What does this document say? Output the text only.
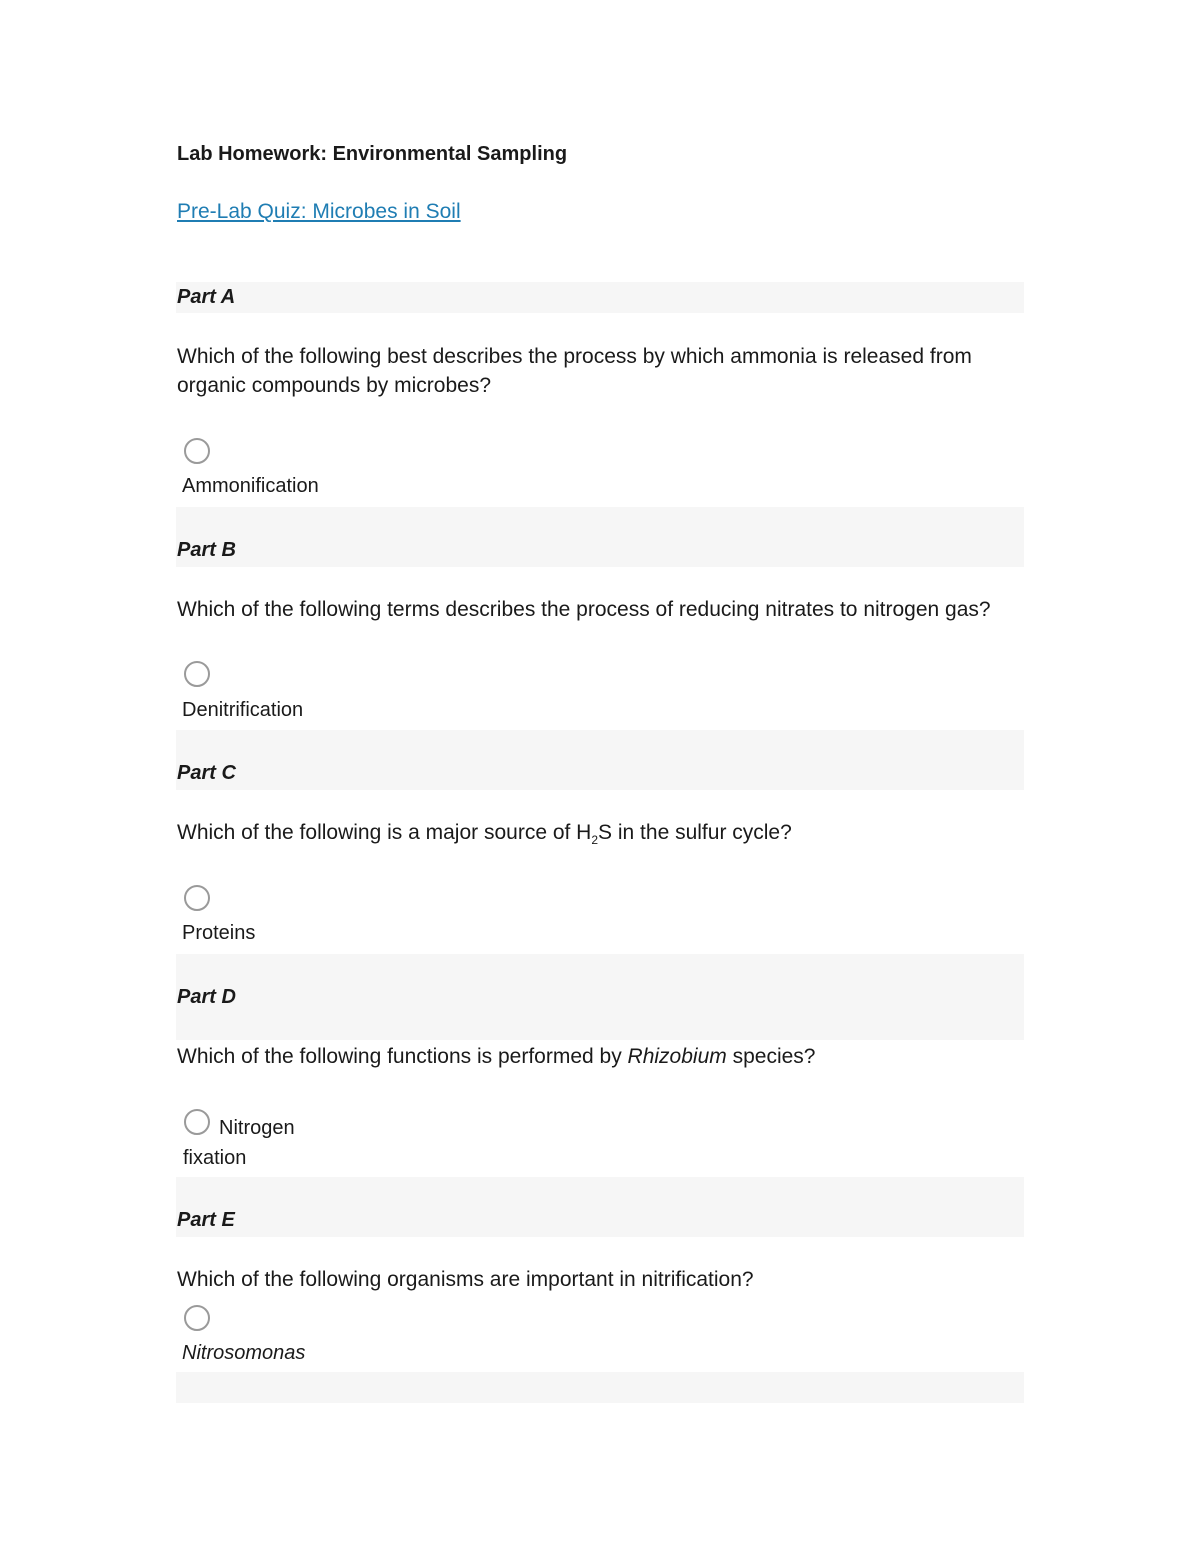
Lab Homework: Environmental Sampling
Pre-Lab Quiz: Microbes in Soil

Part A

Which of the following best describes the process by which ammonia is released from organic compounds by microbes?

Ammonification

Part B

Which of the following terms describes the process of reducing nitrates to nitrogen gas?

Denitrification

Part C

Which of the following is a major source of $H_2S$ in the sulfur cycle?

Proteins

Part D

Which of the following functions is performed by Rhizobium species?

Nitrogen
fixation

Part E

Which of the following organisms are important in nitrification?

Nitrosomonas
